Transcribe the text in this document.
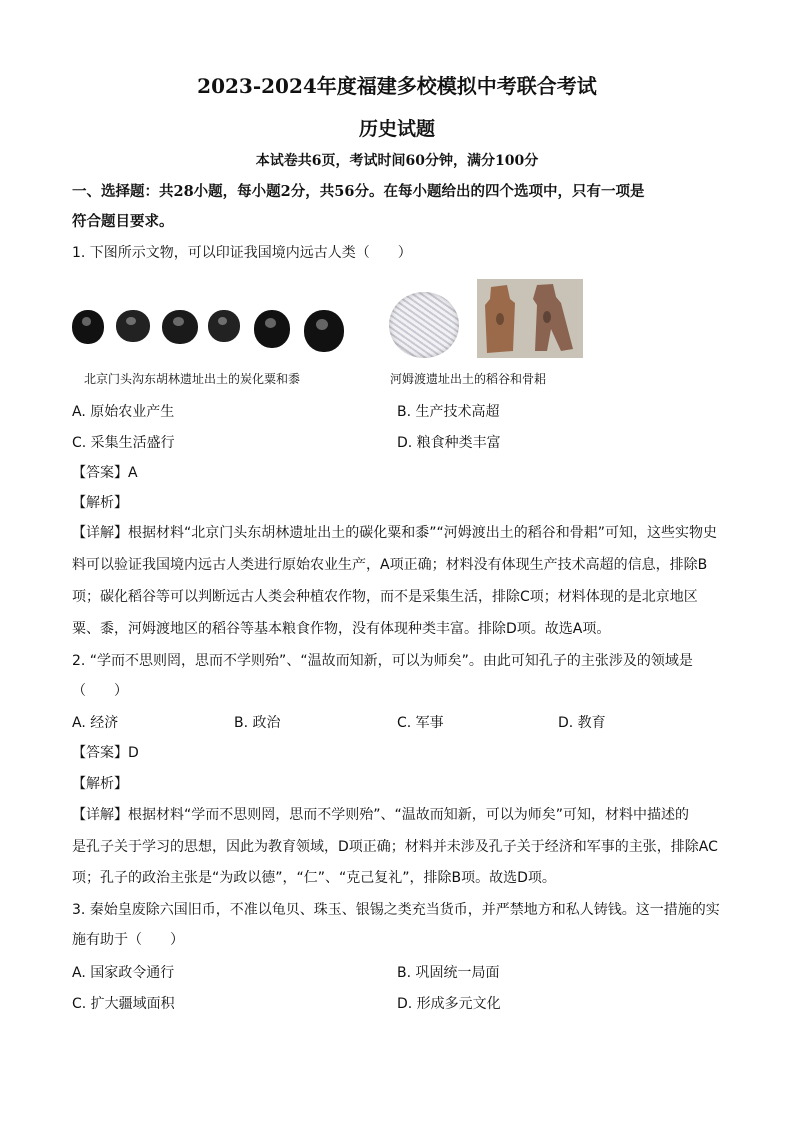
2023-2024年度福建多校模拟中考联合考试
历史试题
本试卷共6页，考试时间60分钟，满分100分
一、选择题：共28小题，每小题2分，共56分。在每小题给出的四个选项中，只有一项是
符合题目要求。
1. 下图所示文物，可以印证我国境内远古人类（　　）
北京门头沟东胡林遗址出土的炭化粟和黍	河姆渡遗址出土的稻谷和骨耜
A. 原始农业产生	B. 生产技术高超
C. 采集生活盛行	D. 粮食种类丰富
【答案】A
【解析】
【详解】根据材料“北京门头东胡林遗址出土的碳化粟和黍”“河姆渡出土的稻谷和骨耜”可知，这些实物史
料可以验证我国境内远古人类进行原始农业生产，A项正确；材料没有体现生产技术高超的信息，排除B
项；碳化稻谷等可以判断远古人类会种植农作物，而不是采集生活，排除C项；材料体现的是北京地区
粟、黍，河姆渡地区的稻谷等基本粮食作物，没有体现种类丰富。排除D项。故选A项。
2. “学而不思则罔，思而不学则殆”、“温故而知新，可以为师矣”。由此可知孔子的主张涉及的领域是
（　　）
A. 经济	B. 政治	C. 军事	D. 教育
【答案】D
【解析】
【详解】根据材料“学而不思则罔，思而不学则殆”、“温故而知新，可以为师矣”可知，材料中描述的
是孔子关于学习的思想，因此为教育领域，D项正确；材料并未涉及孔子关于经济和军事的主张，排除AC
项；孔子的政治主张是“为政以德”，“仁”、“克己复礼”，排除B项。故选D项。
3. 秦始皇废除六国旧币，不准以龟贝、珠玉、银锡之类充当货币，并严禁地方和私人铸钱。这一措施的实
施有助于（　　）
A. 国家政令通行	B. 巩固统一局面
C. 扩大疆域面积	D. 形成多元文化
